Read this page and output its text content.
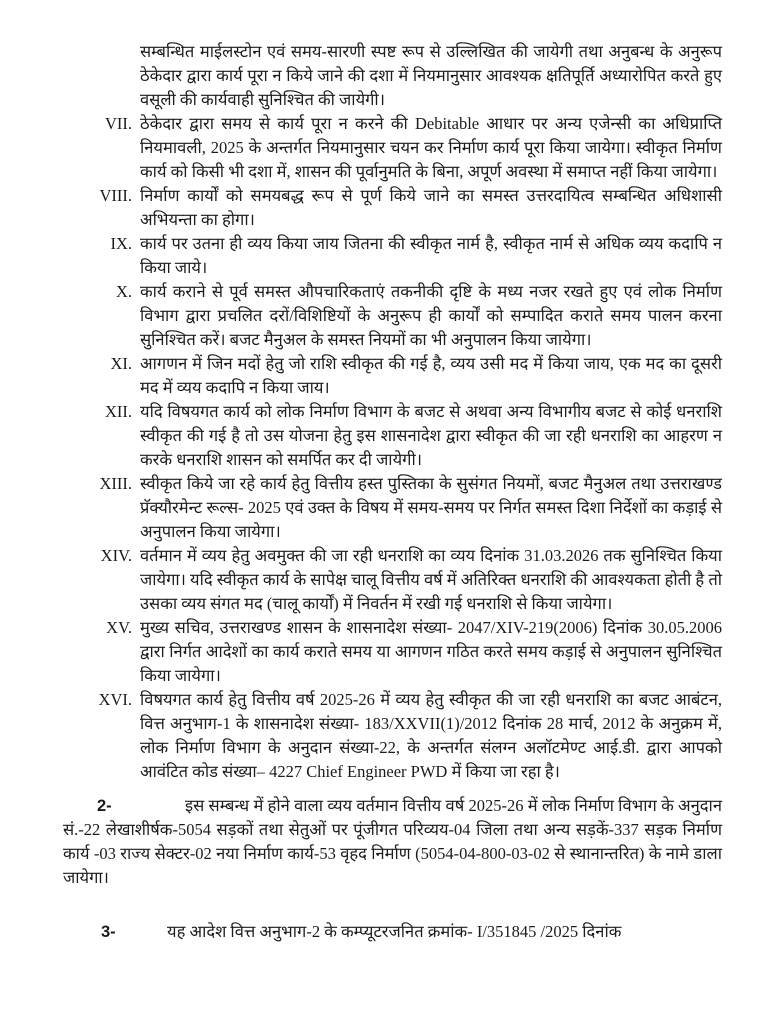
सम्बन्धित माईलस्टोन एवं समय-सारणी स्पष्ट रूप से उल्लिखित की जायेगी तथा अनुबन्ध के अनुरूप ठेकेदार द्वारा कार्य पूरा न किये जाने की दशा में नियमानुसार आवश्यक क्षतिपूर्ति अध्यारोपित करते हुए वसूली की कार्यवाही सुनिश्चित की जायेगी।

VII. ठेकेदार द्वारा समय से कार्य पूरा न करने की Debitable आधार पर अन्य एजेन्सी का अधिप्राप्ति नियमावली, 2025 के अन्तर्गत नियमानुसार चयन कर निर्माण कार्य पूरा किया जायेगा। स्वीकृत निर्माण कार्य को किसी भी दशा में, शासन की पूर्वानुमति के बिना, अपूर्ण अवस्था में समाप्त नहीं किया जायेगा।
VIII. निर्माण कार्यों को समयबद्ध रूप से पूर्ण किये जाने का समस्त उत्तरदायित्व सम्बन्धित अधिशासी अभियन्ता का होगा।
IX. कार्य पर उतना ही व्यय किया जाय जितना की स्वीकृत नार्म है, स्वीकृत नार्म से अधिक व्यय कदापि न किया जाये।
X. कार्य कराने से पूर्व समस्त औपचारिकताएं तकनीकी दृष्टि के मध्य नजर रखते हुए एवं लोक निर्माण विभाग द्वारा प्रचलित दरों/विशिष्टियों के अनुरूप ही कार्यों को सम्पादित कराते समय पालन करना सुनिश्चित करें। बजट मैनुअल के समस्त नियमों का भी अनुपालन किया जायेगा।
XI. आगणन में जिन मदों हेतु जो राशि स्वीकृत की गई है, व्यय उसी मद में किया जाय, एक मद का दूसरी मद में व्यय कदापि न किया जाय।
XII. यदि विषयगत कार्य को लोक निर्माण विभाग के बजट से अथवा अन्य विभागीय बजट से कोई धनराशि स्वीकृत की गई है तो उस योजना हेतु इस शासनादेश द्वारा स्वीकृत की जा रही धनराशि का आहरण न करके धनराशि शासन को समर्पित कर दी जायेगी।
XIII. स्वीकृत किये जा रहे कार्य हेतु वित्तीय हस्त पुस्तिका के सुसंगत नियमों, बजट मैनुअल तथा उत्तराखण्ड प्रॅक्यौरमेन्ट रूल्स- 2025 एवं उक्त के विषय में समय-समय पर निर्गत समस्त दिशा निर्देशों का कड़ाई से अनुपालन किया जायेगा।
XIV. वर्तमान में व्यय हेतु अवमुक्त की जा रही धनराशि का व्यय दिनांक 31.03.2026 तक सुनिश्चित किया जायेगा। यदि स्वीकृत कार्य के सापेक्ष चालू वित्तीय वर्ष में अतिरिक्त धनराशि की आवश्यकता होती है तो उसका व्यय संगत मद (चालू कार्यों) में निवर्तन में रखी गई धनराशि से किया जायेगा।
XV. मुख्य सचिव, उत्तराखण्ड शासन के शासनादेश संख्या- 2047/XIV-219(2006) दिनांक 30.05.2006 द्वारा निर्गत आदेशों का कार्य कराते समय या आगणन गठित करते समय कड़ाई से अनुपालन सुनिश्चित किया जायेगा।
XVI. विषयगत कार्य हेतु वित्तीय वर्ष 2025-26 में व्यय हेतु स्वीकृत की जा रही धनराशि का बजट आबंटन, वित्त अनुभाग-1 के शासनादेश संख्या- 183/XXVII(1)/2012 दिनांक 28 मार्च, 2012 के अनुक्रम में, लोक निर्माण विभाग के अनुदान संख्या-22, के अन्तर्गत संलग्न अलॉटमेण्ट आई.डी. द्वारा आपको आवंटित कोड संख्या– 4227 Chief Engineer PWD में किया जा रहा है।

2-	इस सम्बन्ध में होने वाला व्यय वर्तमान वित्तीय वर्ष 2025-26 में लोक निर्माण विभाग के अनुदान सं.-22 लेखाशीर्षक-5054 सड़कों तथा सेतुओं पर पूंजीगत परिव्यय-04 जिला तथा अन्य सड़कें-337 सड़क निर्माण कार्य -03 राज्य सेक्टर-02 नया निर्माण कार्य-53 वृहद निर्माण (5054-04-800-03-02 से स्थानान्तरित) के नामे डाला जायेगा।

3-	यह आदेश वित्त अनुभाग-2 के कम्प्यूटरजनित क्रमांक- I/351845 /2025 दिनांक
